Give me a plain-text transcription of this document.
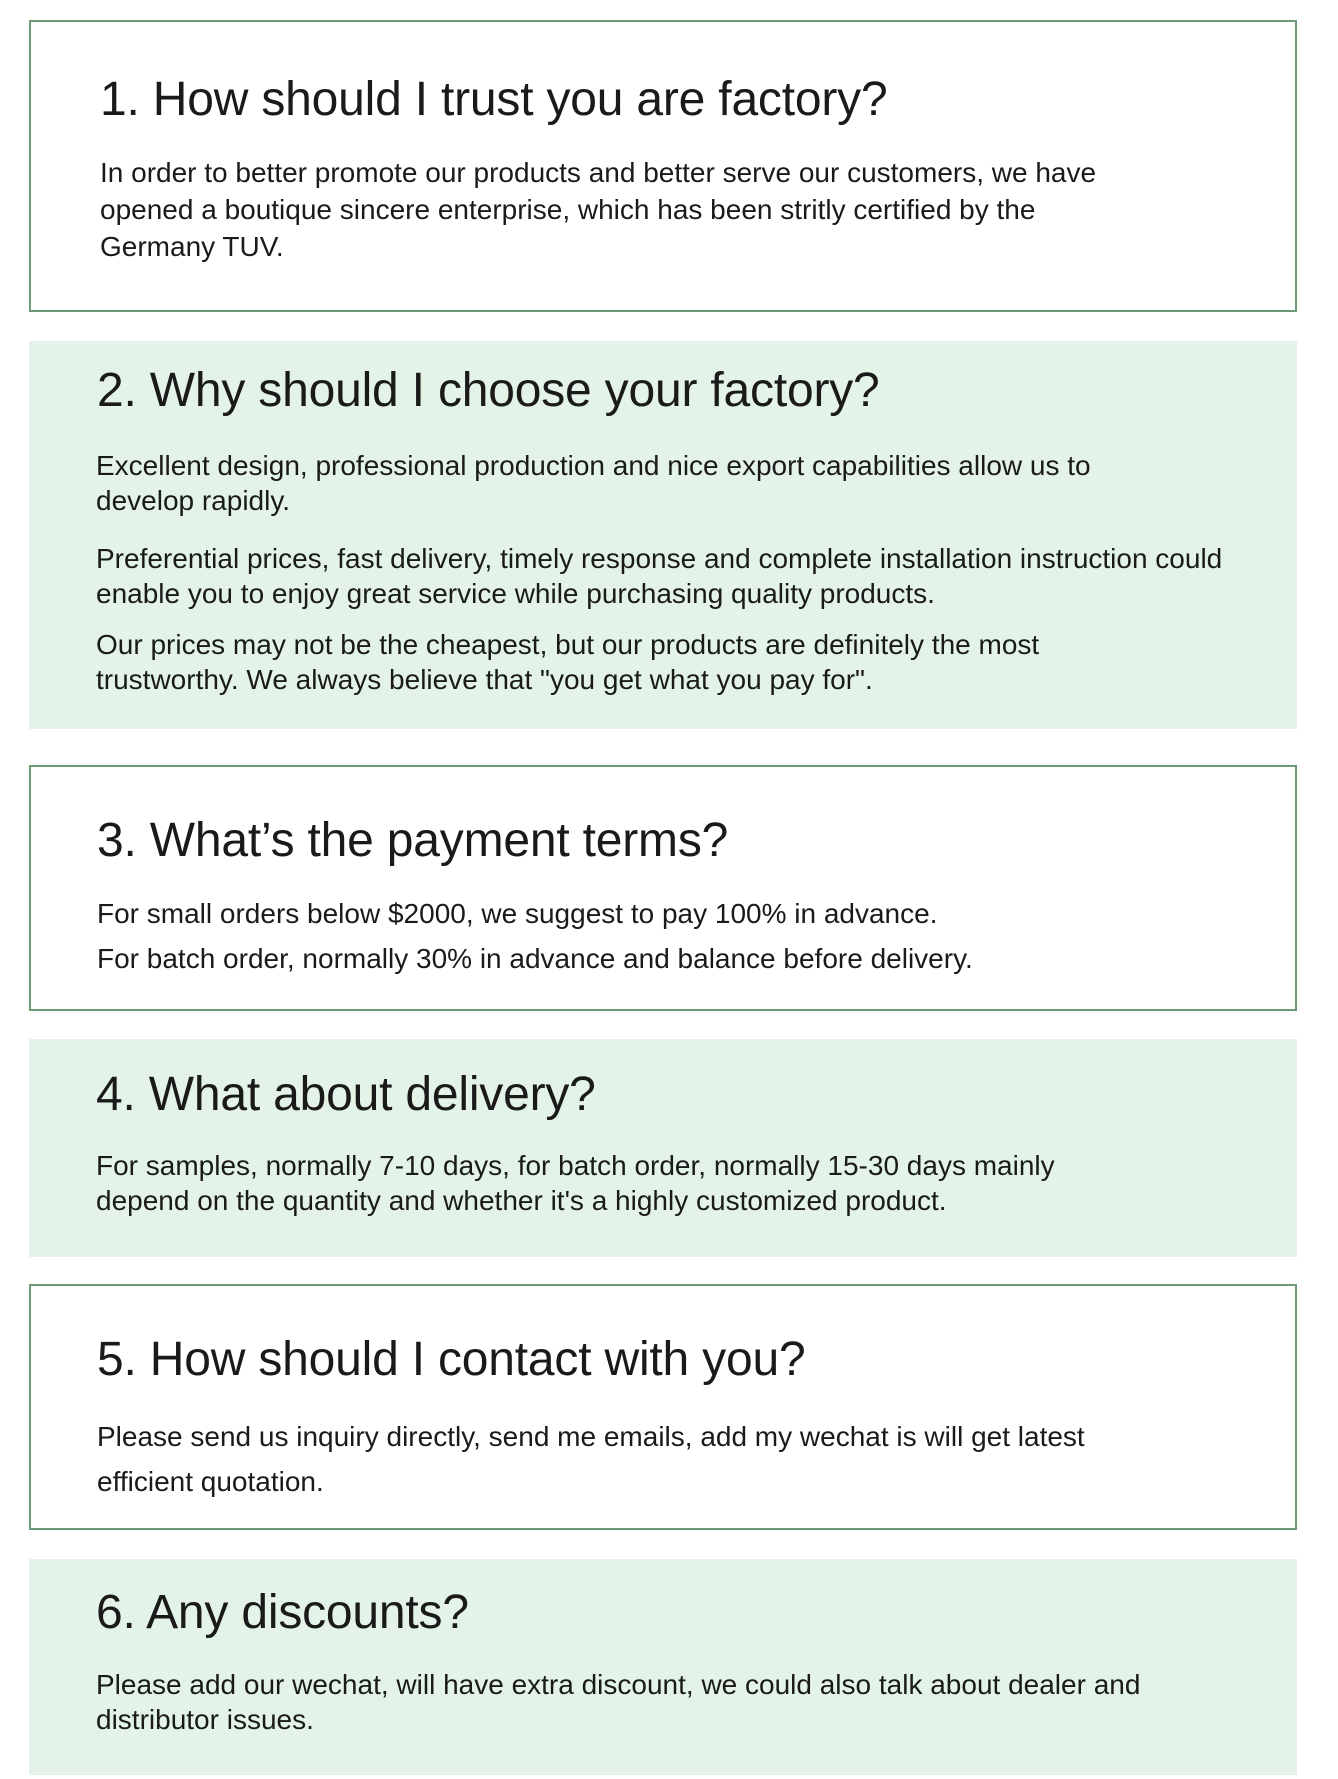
1. How should I trust you are factory?

In order to better promote our products and better serve our customers, we have opened a boutique sincere enterprise, which has been stritly certified by the Germany TUV.

2. Why should I choose your factory?

Excellent design, professional production and nice export capabilities allow us to develop rapidly.

Preferential prices, fast delivery, timely response and complete installation instruction could enable you to enjoy great service while purchasing quality products.

Our prices may not be the cheapest, but our products are definitely the most trustworthy. We always believe that "you get what you pay for".

3. What’s the payment terms?

For small orders below $2000, we suggest to pay 100% in advance.

For batch order, normally 30% in advance and balance before delivery.

4. What about delivery?

For samples, normally 7-10 days, for batch order, normally 15-30 days mainly depend on the quantity and whether it's a highly customized product.

5. How should I contact with you?

Please send us inquiry directly, send me emails, add my wechat is will get latest efficient quotation.

6. Any discounts?

Please add our wechat, will have extra discount, we could also talk about dealer and distributor issues.
